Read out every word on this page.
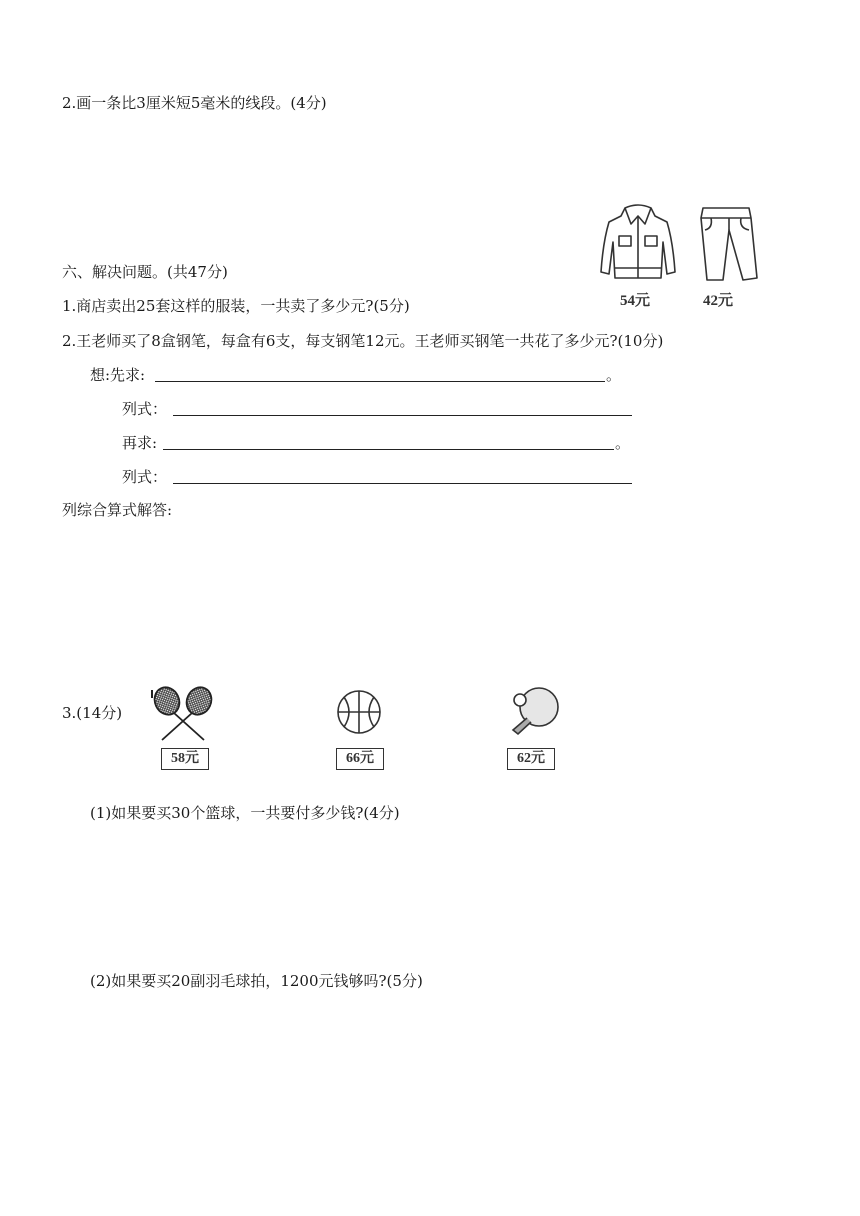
2.画一条比3厘米短5毫米的线段。(4分)
六、解决问题。(共47分)
54元	42元
1.商店卖出25套这样的服装，一共卖了多少元?(5分)
2.王老师买了8盒钢笔，每盒有6支，每支钢笔12元。王老师买钢笔一共花了多少元?(10分)
想:先求:	。
列式：
再求:	。
列式：
列综合算式解答:
3.(14分)
58元	66元	62元
(1)如果要买30个篮球，一共要付多少钱?(4分)
(2)如果要买20副羽毛球拍，1200元钱够吗?(5分)
